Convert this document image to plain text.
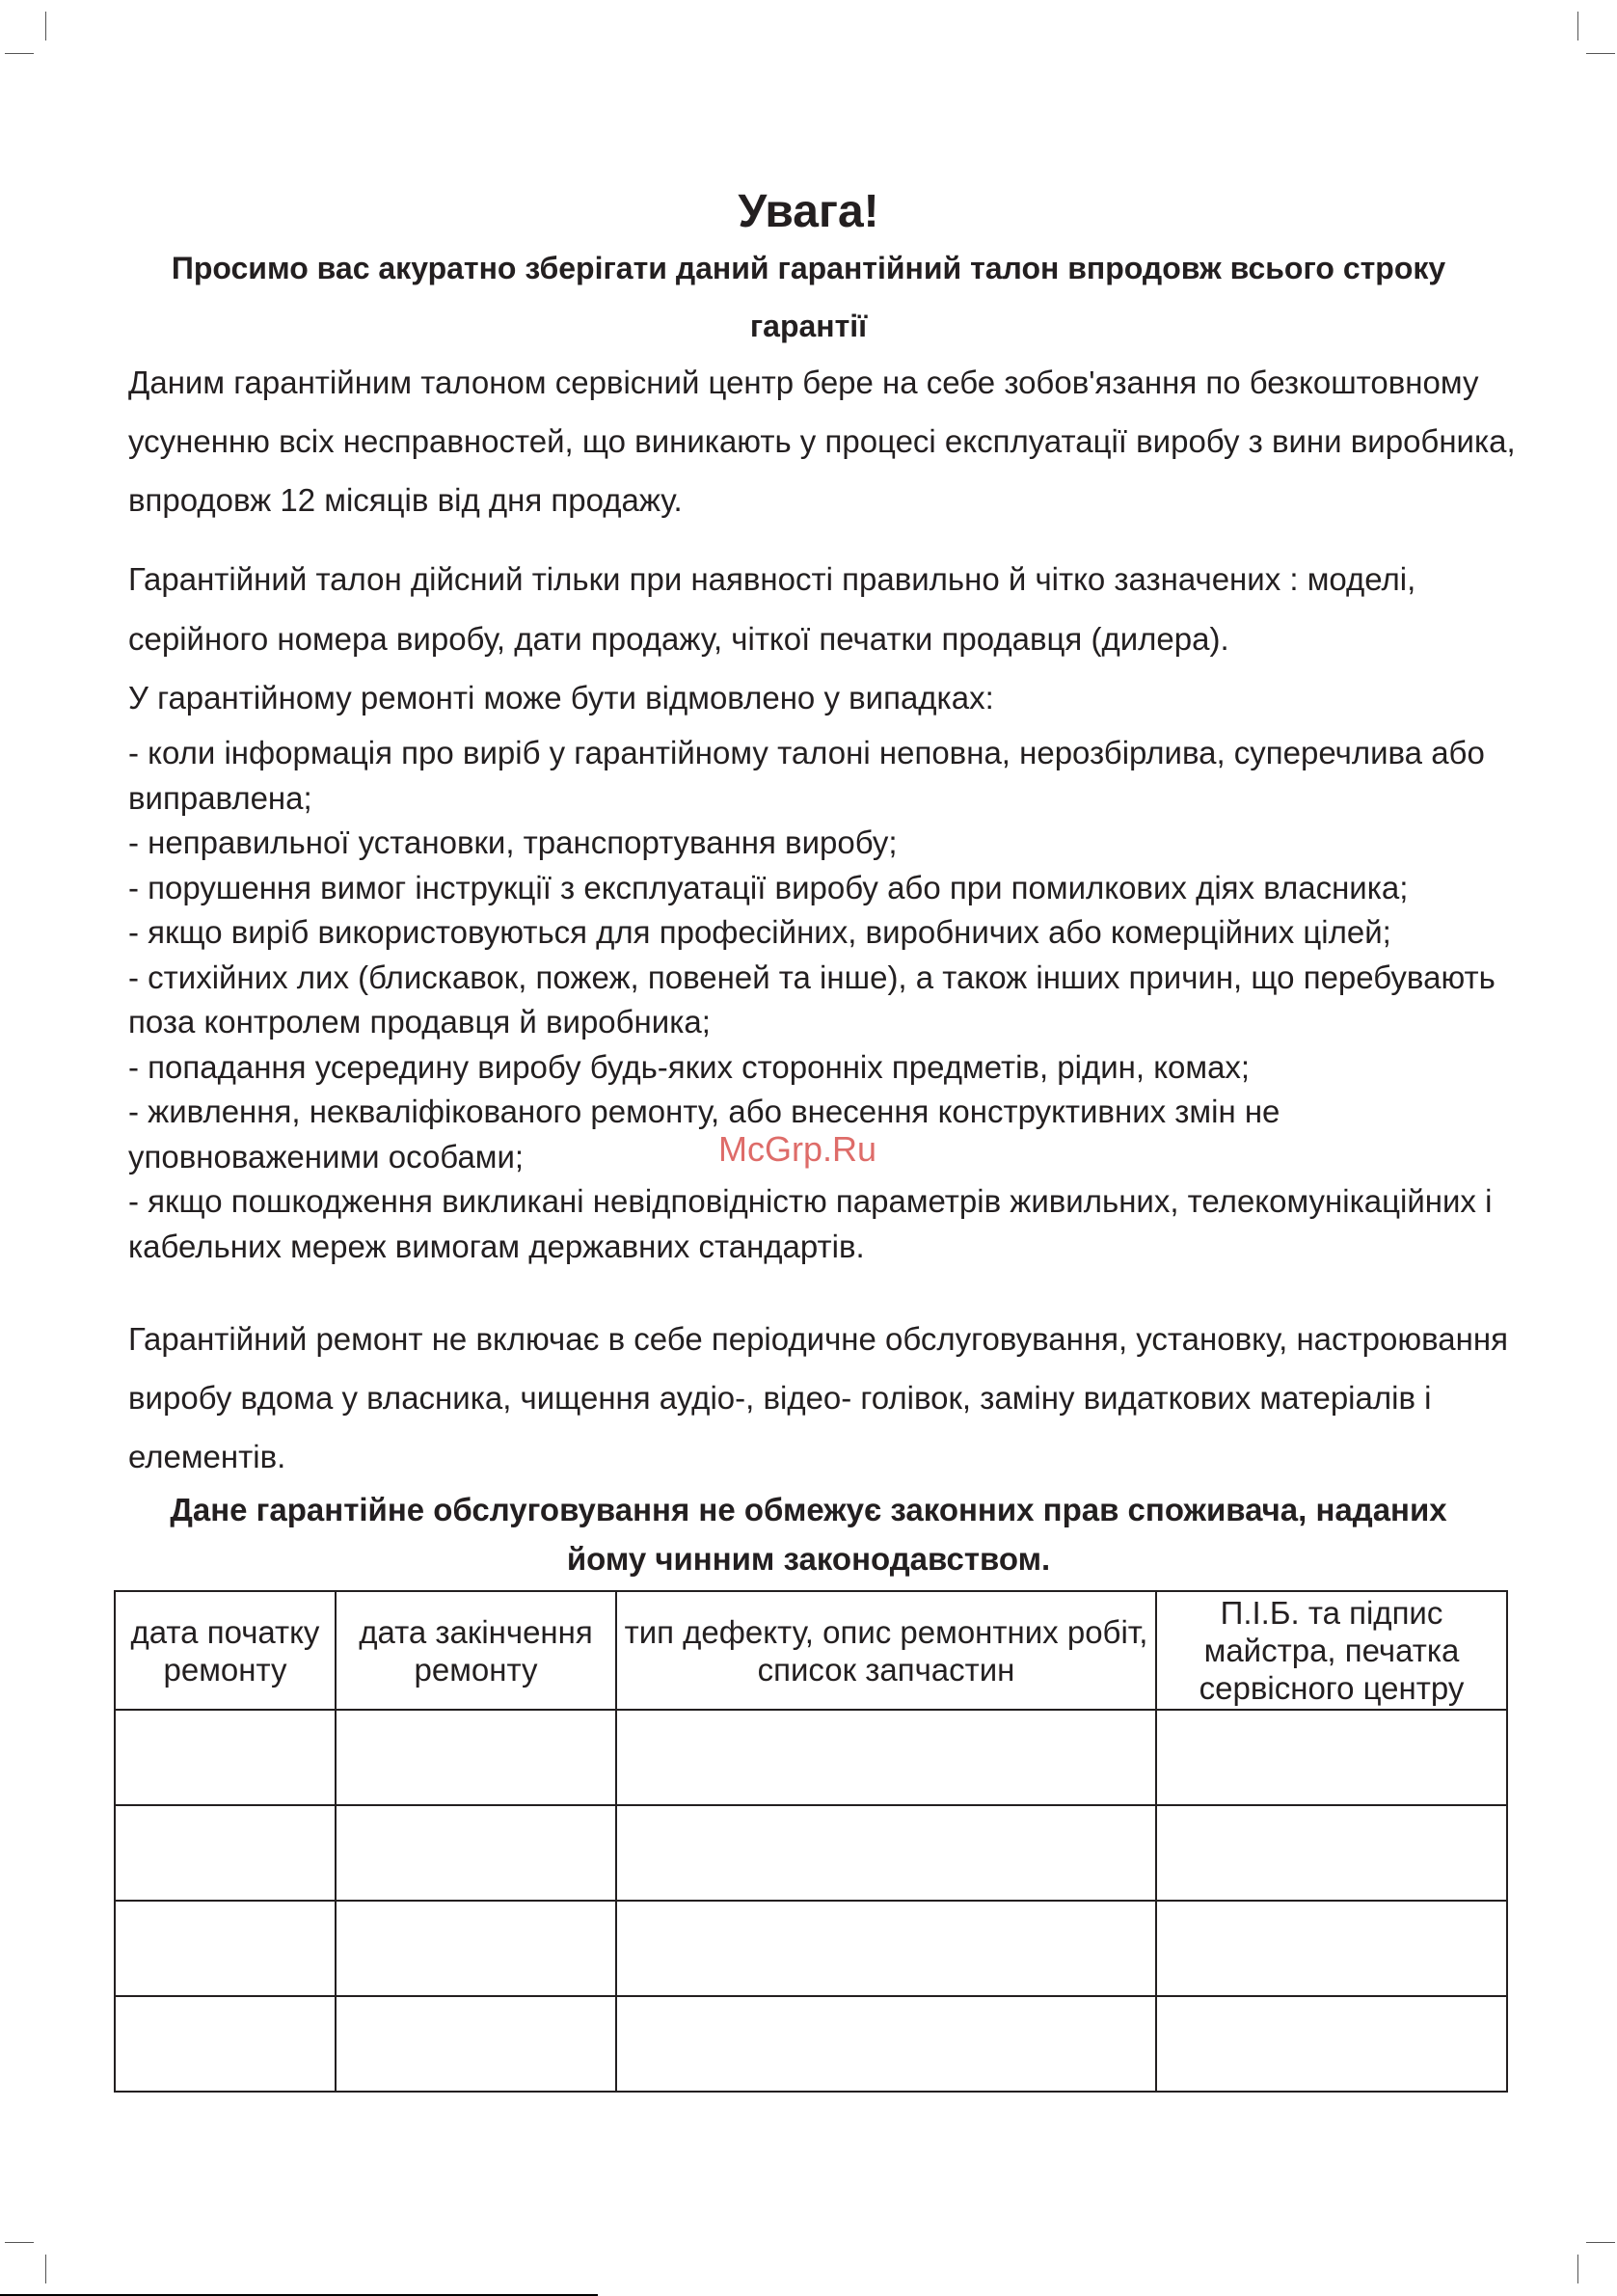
Увага!
Просимо вас акуратно зберігати даний гарантійний талон впродовж всього строку гарантії
Даним гарантійним талоном сервісний центр бере на себе зобов'язання по безкоштовному усуненню всіх несправностей, що виникають у процесі експлуатації виробу з вини виробника, впродовж 12 місяців від дня продажу.
Гарантійний талон дійсний тільки при наявності правильно й чітко зазначених : моделі, серійного номера виробу, дати продажу, чіткої печатки продавця (дилера).
У гарантійному ремонті може бути відмовлено у випадках:
- коли інформація про виріб у гарантійному талоні неповна, нерозбірлива, суперечлива або виправлена;
- неправильної установки, транспортування виробу;
- порушення вимог інструкції з експлуатації виробу або при помилкових діях власника;
- якщо виріб використовуються для професійних, виробничих або комерційних цілей;
- стихійних лих (блискавок, пожеж, повеней та інше), а також інших причин, що перебувають поза контролем продавця й виробника;
- попадання усередину виробу будь-яких сторонніх предметів, рідин, комах;
- живлення, некваліфікованого ремонту, або внесення конструктивних змін не уповноваженими особами;
- якщо пошкодження викликані невідповідністю параметрів живильних, телекомунікаційних і кабельних мереж вимогам державних стандартів.
McGrp.Ru
Гарантійний ремонт не включає в себе періодичне обслуговування, установку, настроювання виробу вдома у власника, чищення аудіо-, відео- голівок, заміну видаткових матеріалів і елементів.
Дане гарантійне обслуговування не обмежує законних прав споживача, наданих йому чинним законодавством.
дата початку ремонту	дата закінчення ремонту	тип дефекту, опис ремонтних робіт, список запчастин	П.І.Б. та підпис майстра, печатка сервісного центру
